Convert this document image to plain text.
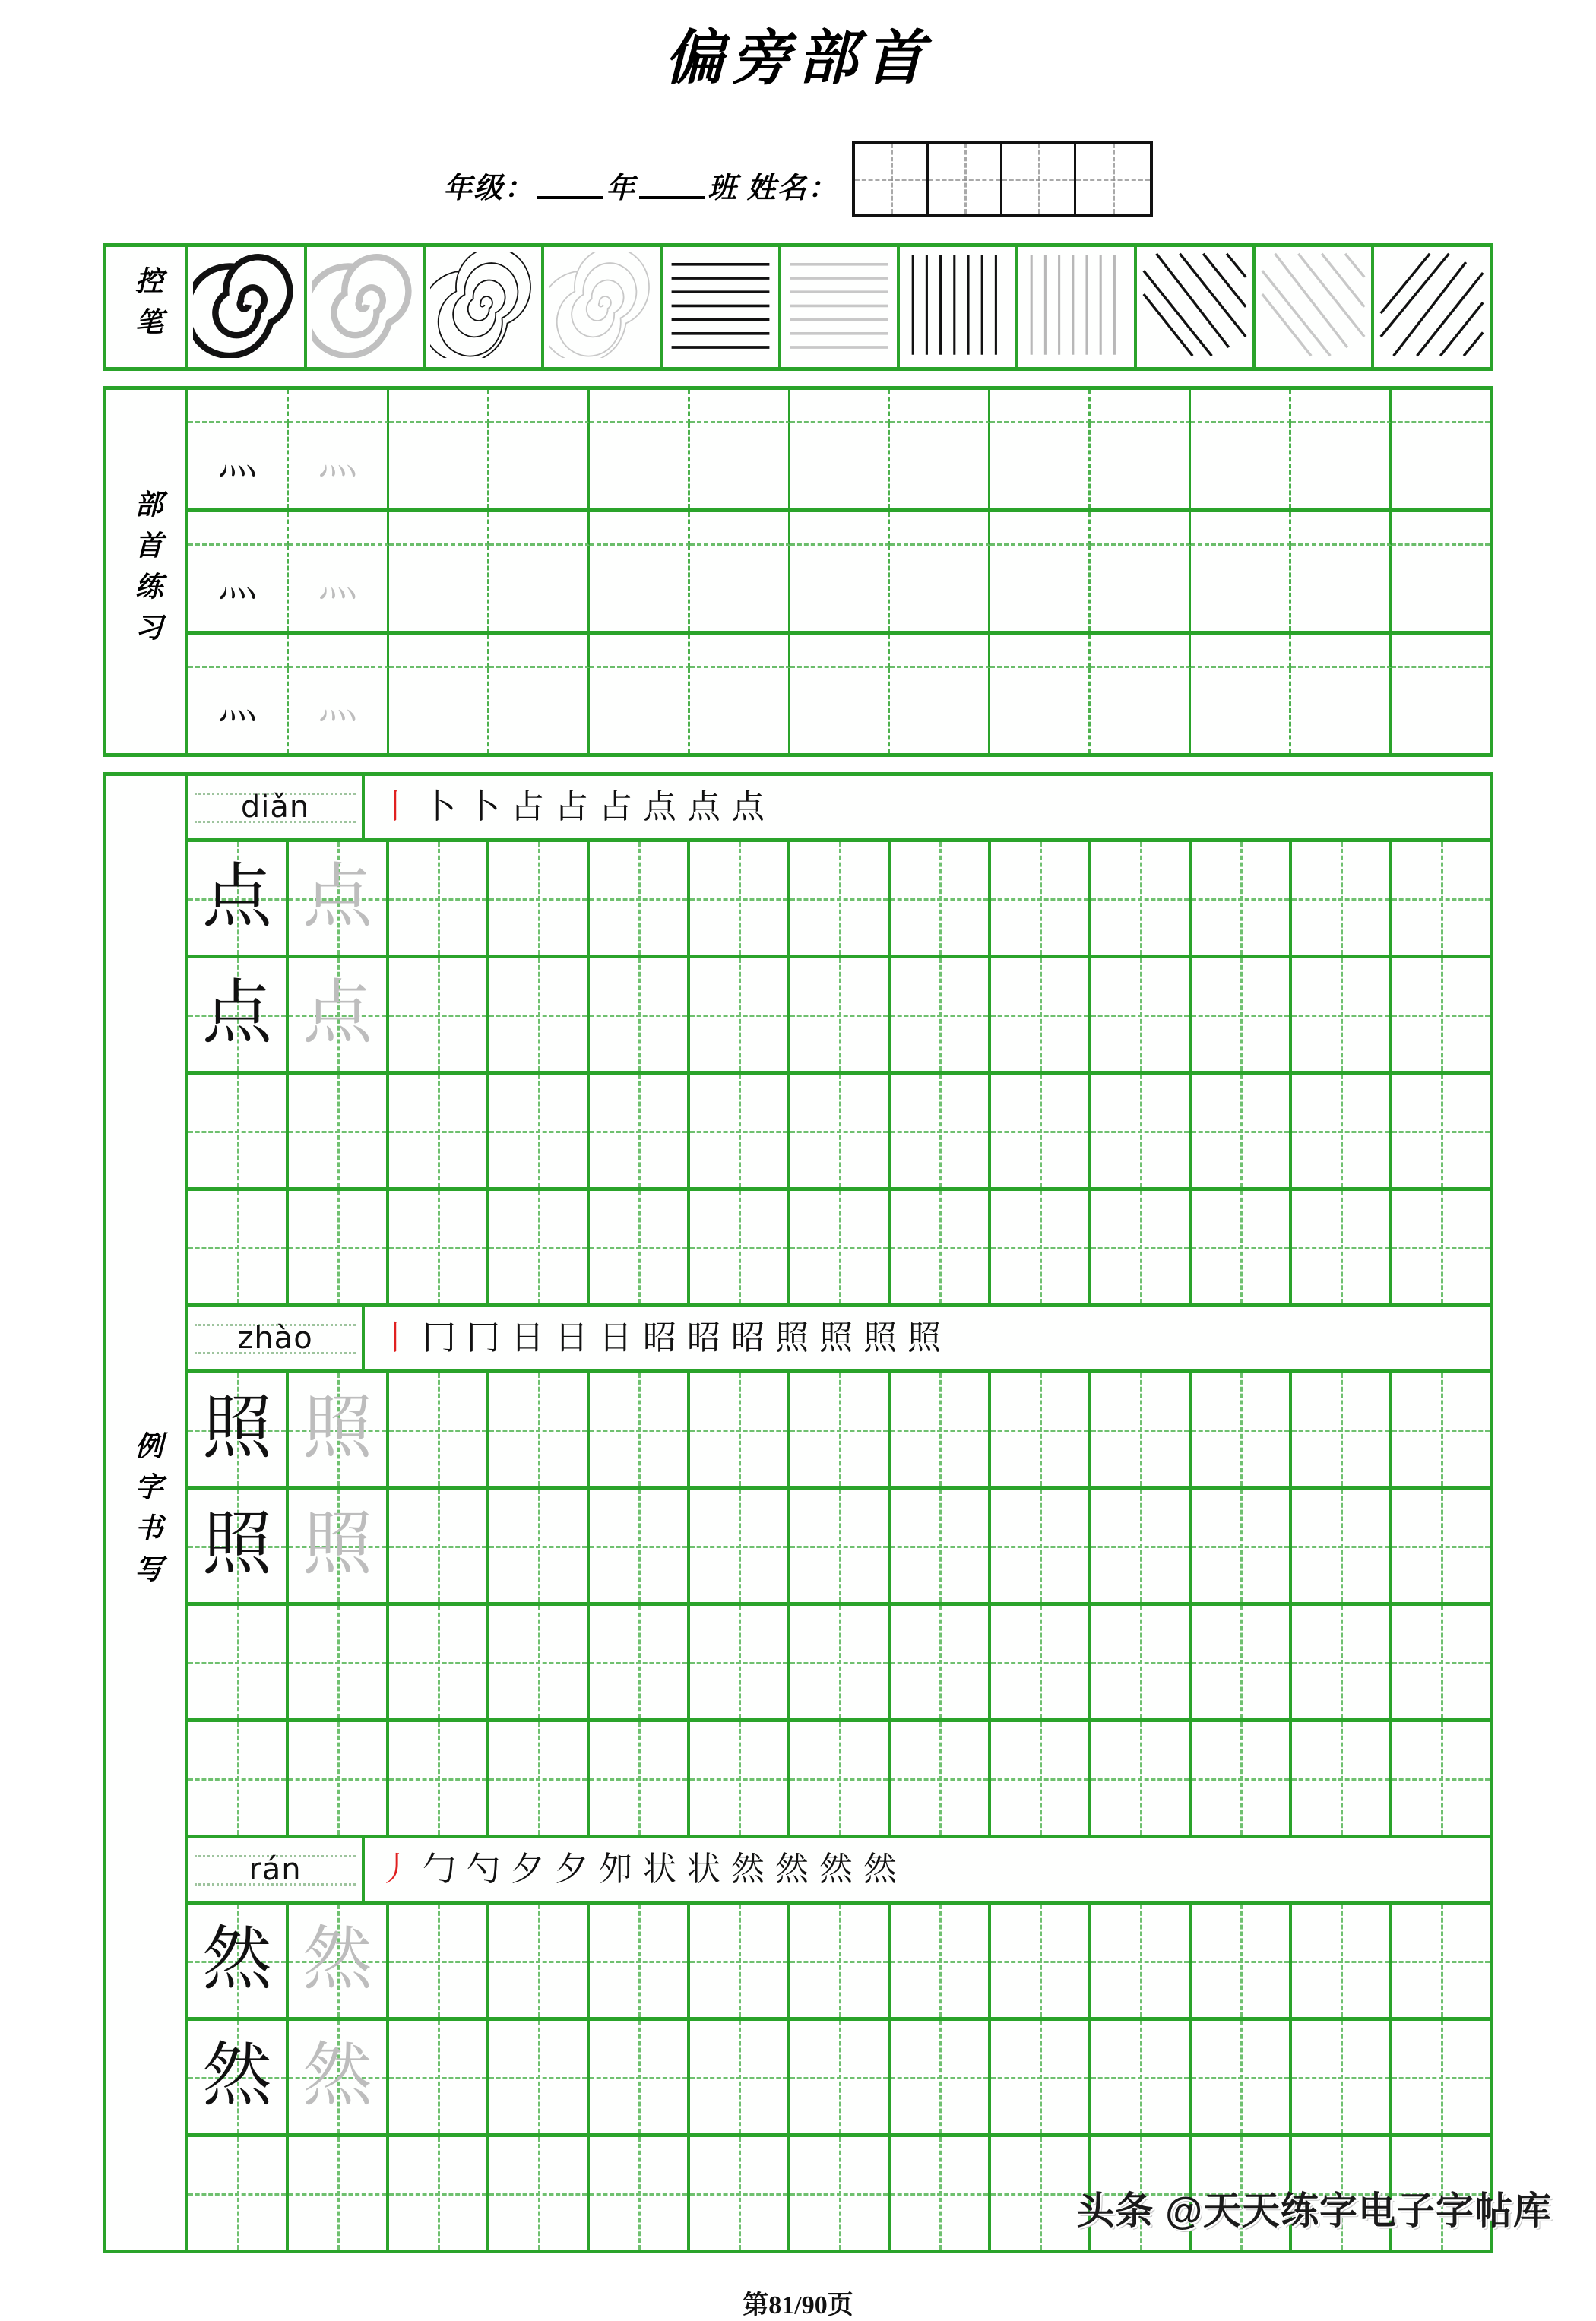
偏旁部首
年级： 年 班 姓名：
控笔
部首练习
灬 灬
灬 灬
灬 灬
例字书写
diǎn 丨 卜 卜 占 占 占 点 点 点
点 点
点 点
zhào 丨 冂 冂 日 日 日 昭 昭 昭 照 照 照 照
照 照
照 照
rán 丿 勹 勺 夕 夕 夘 状 状 然 然 然 然
然 然
然 然
第81/90页
头条 @天天练字电子字帖库
